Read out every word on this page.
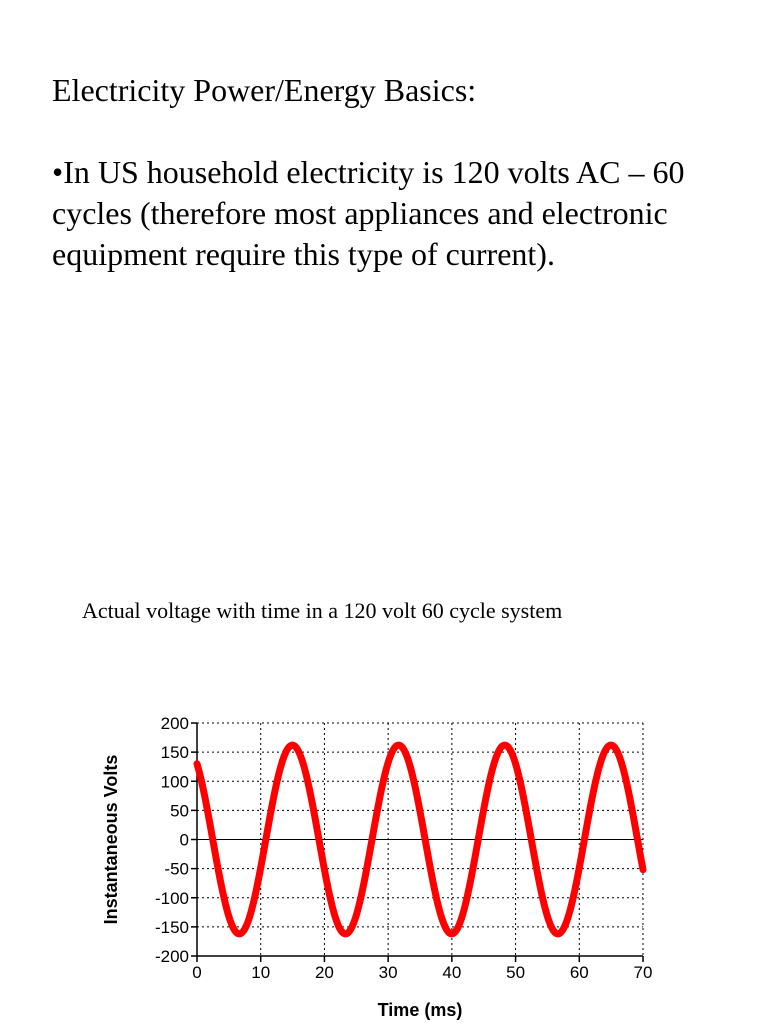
Electricity Power/Energy Basics:
•In US household electricity is 120 volts AC – 60 cycles (therefore most appliances and electronic equipment require this type of current).
Actual voltage with time in a 120 volt 60 cycle system
0	10	20	30	40	50	60	70
200
150
100
50
0
-50
-100
-150
-200
Instantaneous Volts
Time (ms)
